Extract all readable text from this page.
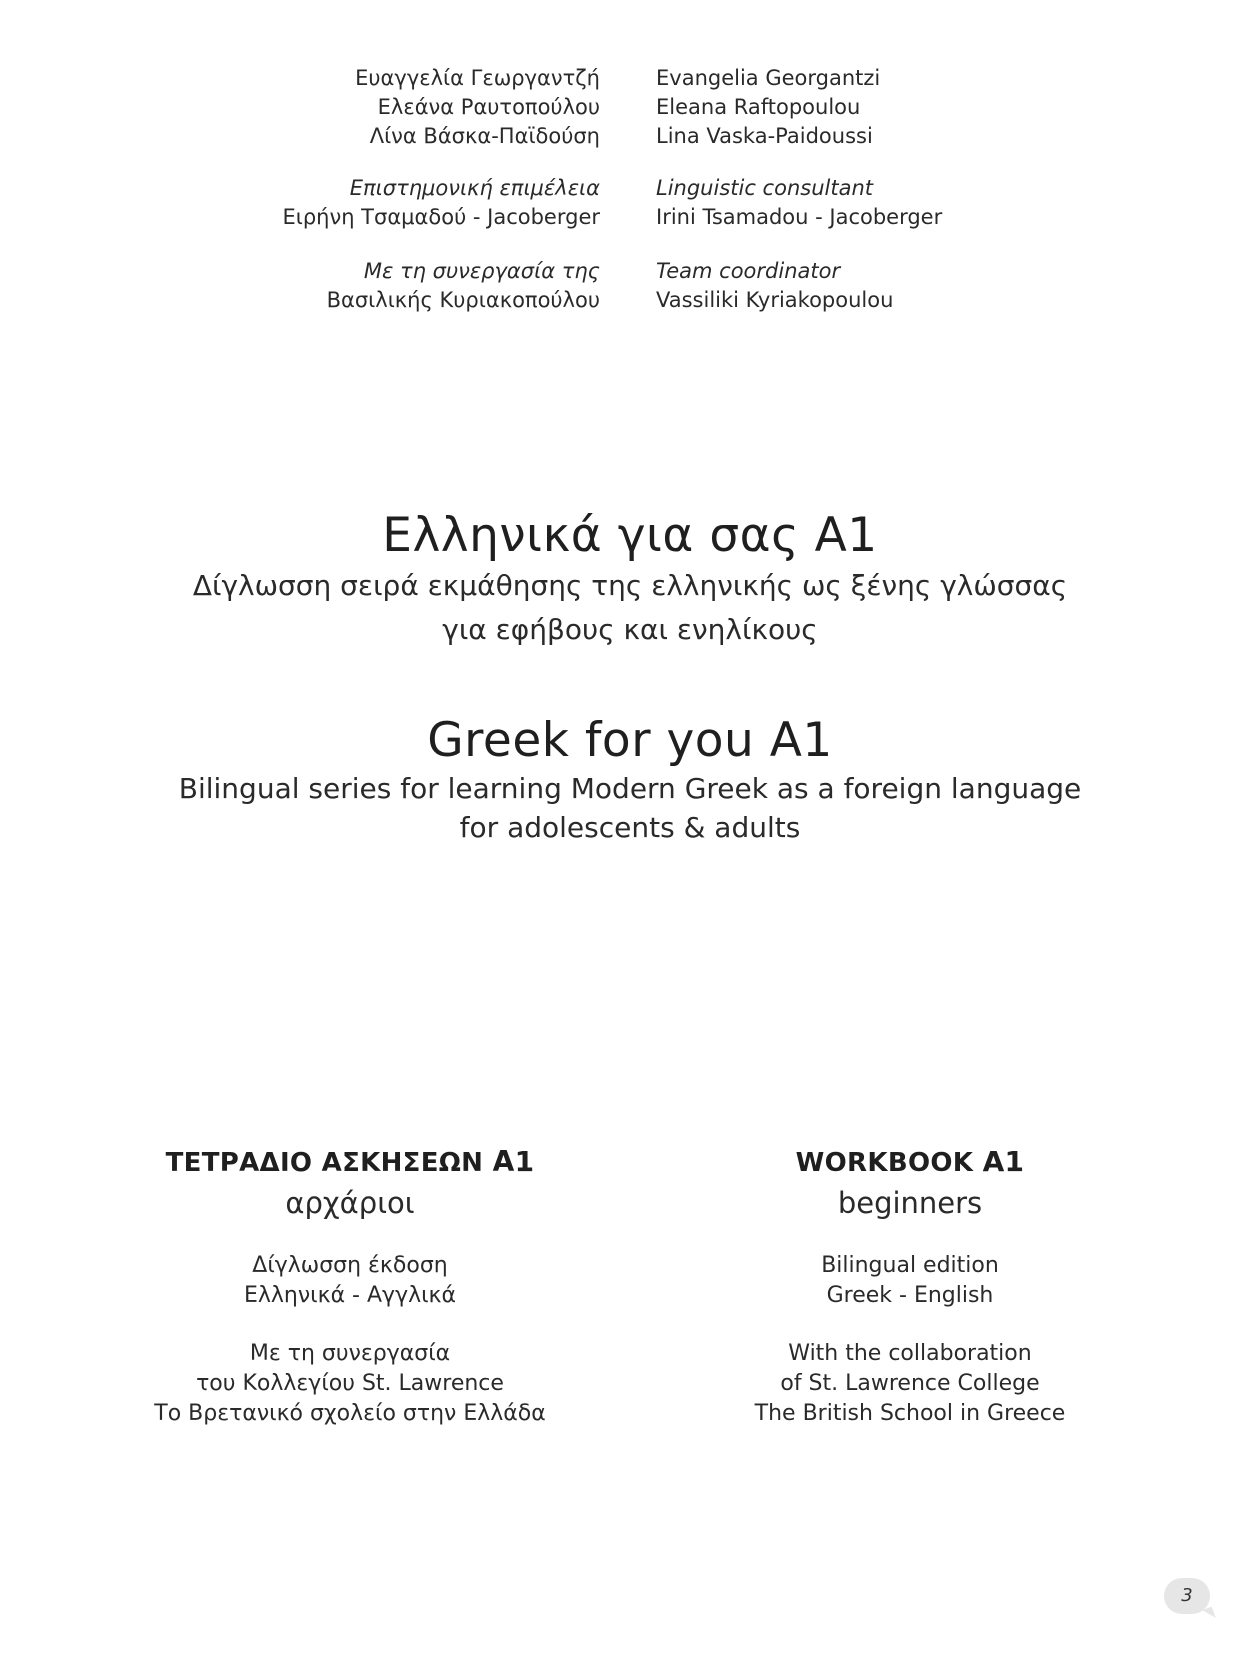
Ευαγγελία Γεωργαντζή
Ελεάνα Ραυτοπούλου
Λίνα Βάσκα-Παϊδούση
Evangelia Georgantzi
Eleana Raftopoulou
Lina Vaska-Paidoussi
Επιστημονική επιμέλεια
Ειρήνη Τσαμαδού - Jacoberger
Linguistic consultant
Irini Tsamadou - Jacoberger
Με τη συνεργασία της
Βασιλικής Κυριακοπούλου
Team coordinator
Vassiliki Kyriakopoulou
Ελληνικά για σας Α1
Δίγλωσση σειρά εκμάθησης της ελληνικής ως ξένης γλώσσας
για εφήβους και ενηλίκους
Greek for you A1
Bilingual series for learning Modern Greek as a foreign language
for adolescents & adults
ΤΕΤΡΑΔΙΟ ΑΣΚΗΣΕΩΝ Α1
αρχάριοι
Δίγλωσση έκδοση
Ελληνικά - Αγγλικά
Με τη συνεργασία
του Κολλεγίου St. Lawrence
Το Βρετανικό σχολείο στην Ελλάδα
WORKBOOK A1
beginners
Bilingual edition
Greek - English
With the collaboration
of St. Lawrence College
The British School in Greece
3
